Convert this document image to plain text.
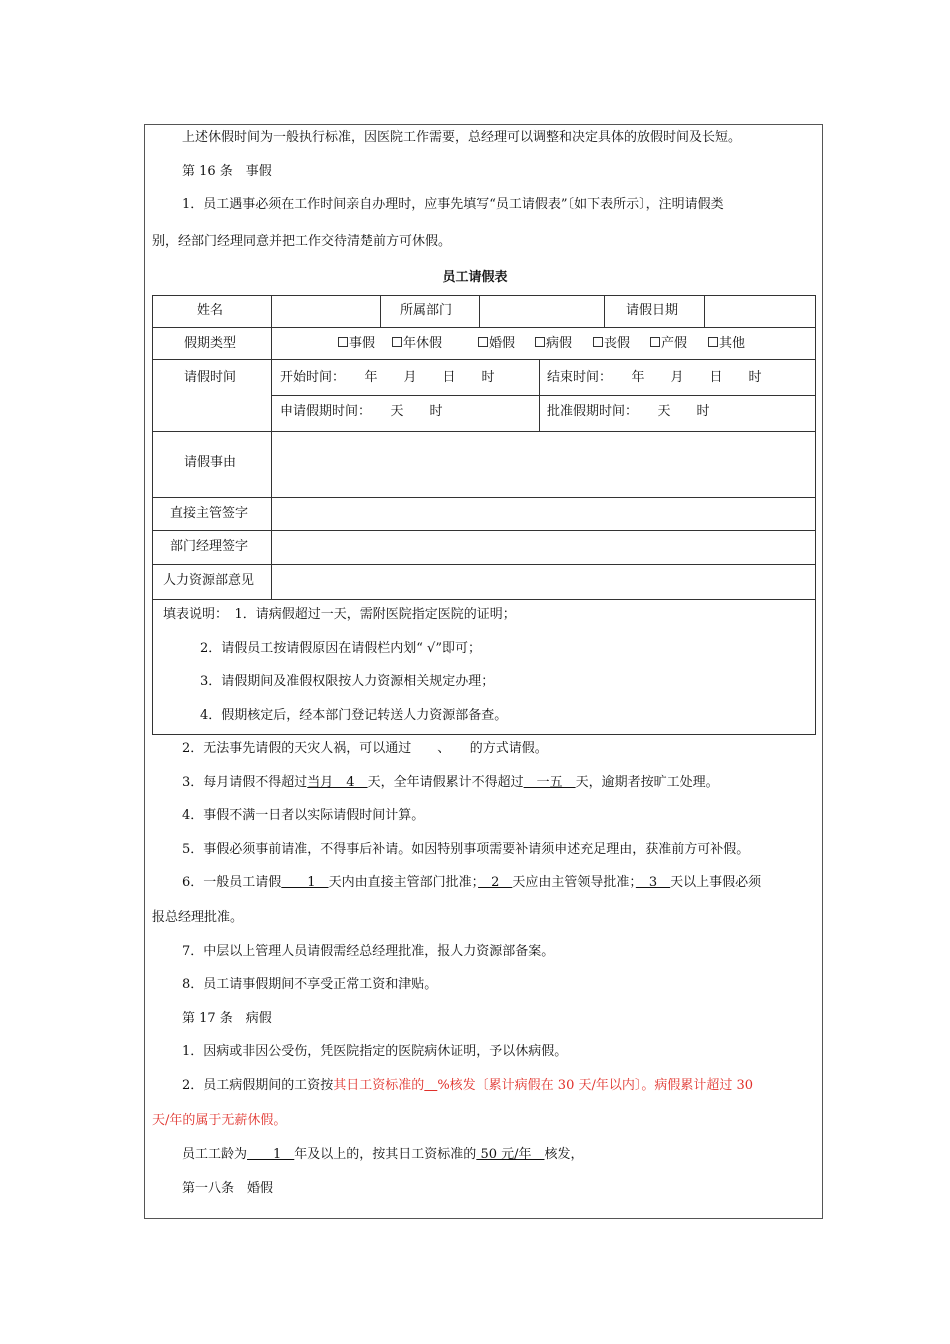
上述休假时间为一般执行标准，因医院工作需要，总经理可以调整和决定具体的放假时间及长短。
第 16 条　事假
1．员工遇事必须在工作时间亲自办理时，应事先填写“员工请假表”〔如下表所示〕，注明请假类
别，经部门经理同意并把工作交待清楚前方可休假。
员工请假表
姓名	所属部门	请假日期
假期类型	事假	年休假	婚假	病假	丧假	产假	其他
请假时间	开始时间：　　年　　月　　日　　时	结束时间：　　年　　月　　日　　时
申请假期时间：　　天　　时	批准假期时间：　　天　　时
请假事由
直接主管签字
部门经理签字
人力资源部意见
填表说明：　1．请病假超过一天，需附医院指定医院的证明；
2．请假员工按请假原因在请假栏内划“ √”即可；
3．请假期间及准假权限按人力资源相关规定办理；
4．假期核定后，经本部门登记转送人力资源部备查。
2．无法事先请假的天灾人祸，可以通过　　、　　的方式请假。
3．每月请假不得超过当月　4　天，全年请假累计不得超过　一五　天，逾期者按旷工处理。
4．事假不满一日者以实际请假时间计算。
5．事假必须事前请准，不得事后补请。如因特别事项需要补请须申述充足理由，获准前方可补假。
6．一般员工请假　　1　天内由直接主管部门批准；　2　天应由主管领导批准；　3　天以上事假必须
报总经理批准。
7．中层以上管理人员请假需经总经理批准，报人力资源部备案。
8．员工请事假期间不享受正常工资和津贴。
第 17 条　病假
1．因病或非因公受伤，凭医院指定的医院病休证明，予以休病假。
2．员工病假期间的工资按其日工资标准的　 %核发〔累计病假在 30 天/年以内〕。病假累计超过 30
天/年的属于无薪休假。
员工工龄为　　1　年及以上的，按其日工资标准的 50 元/年　核发，
第一八条　婚假
